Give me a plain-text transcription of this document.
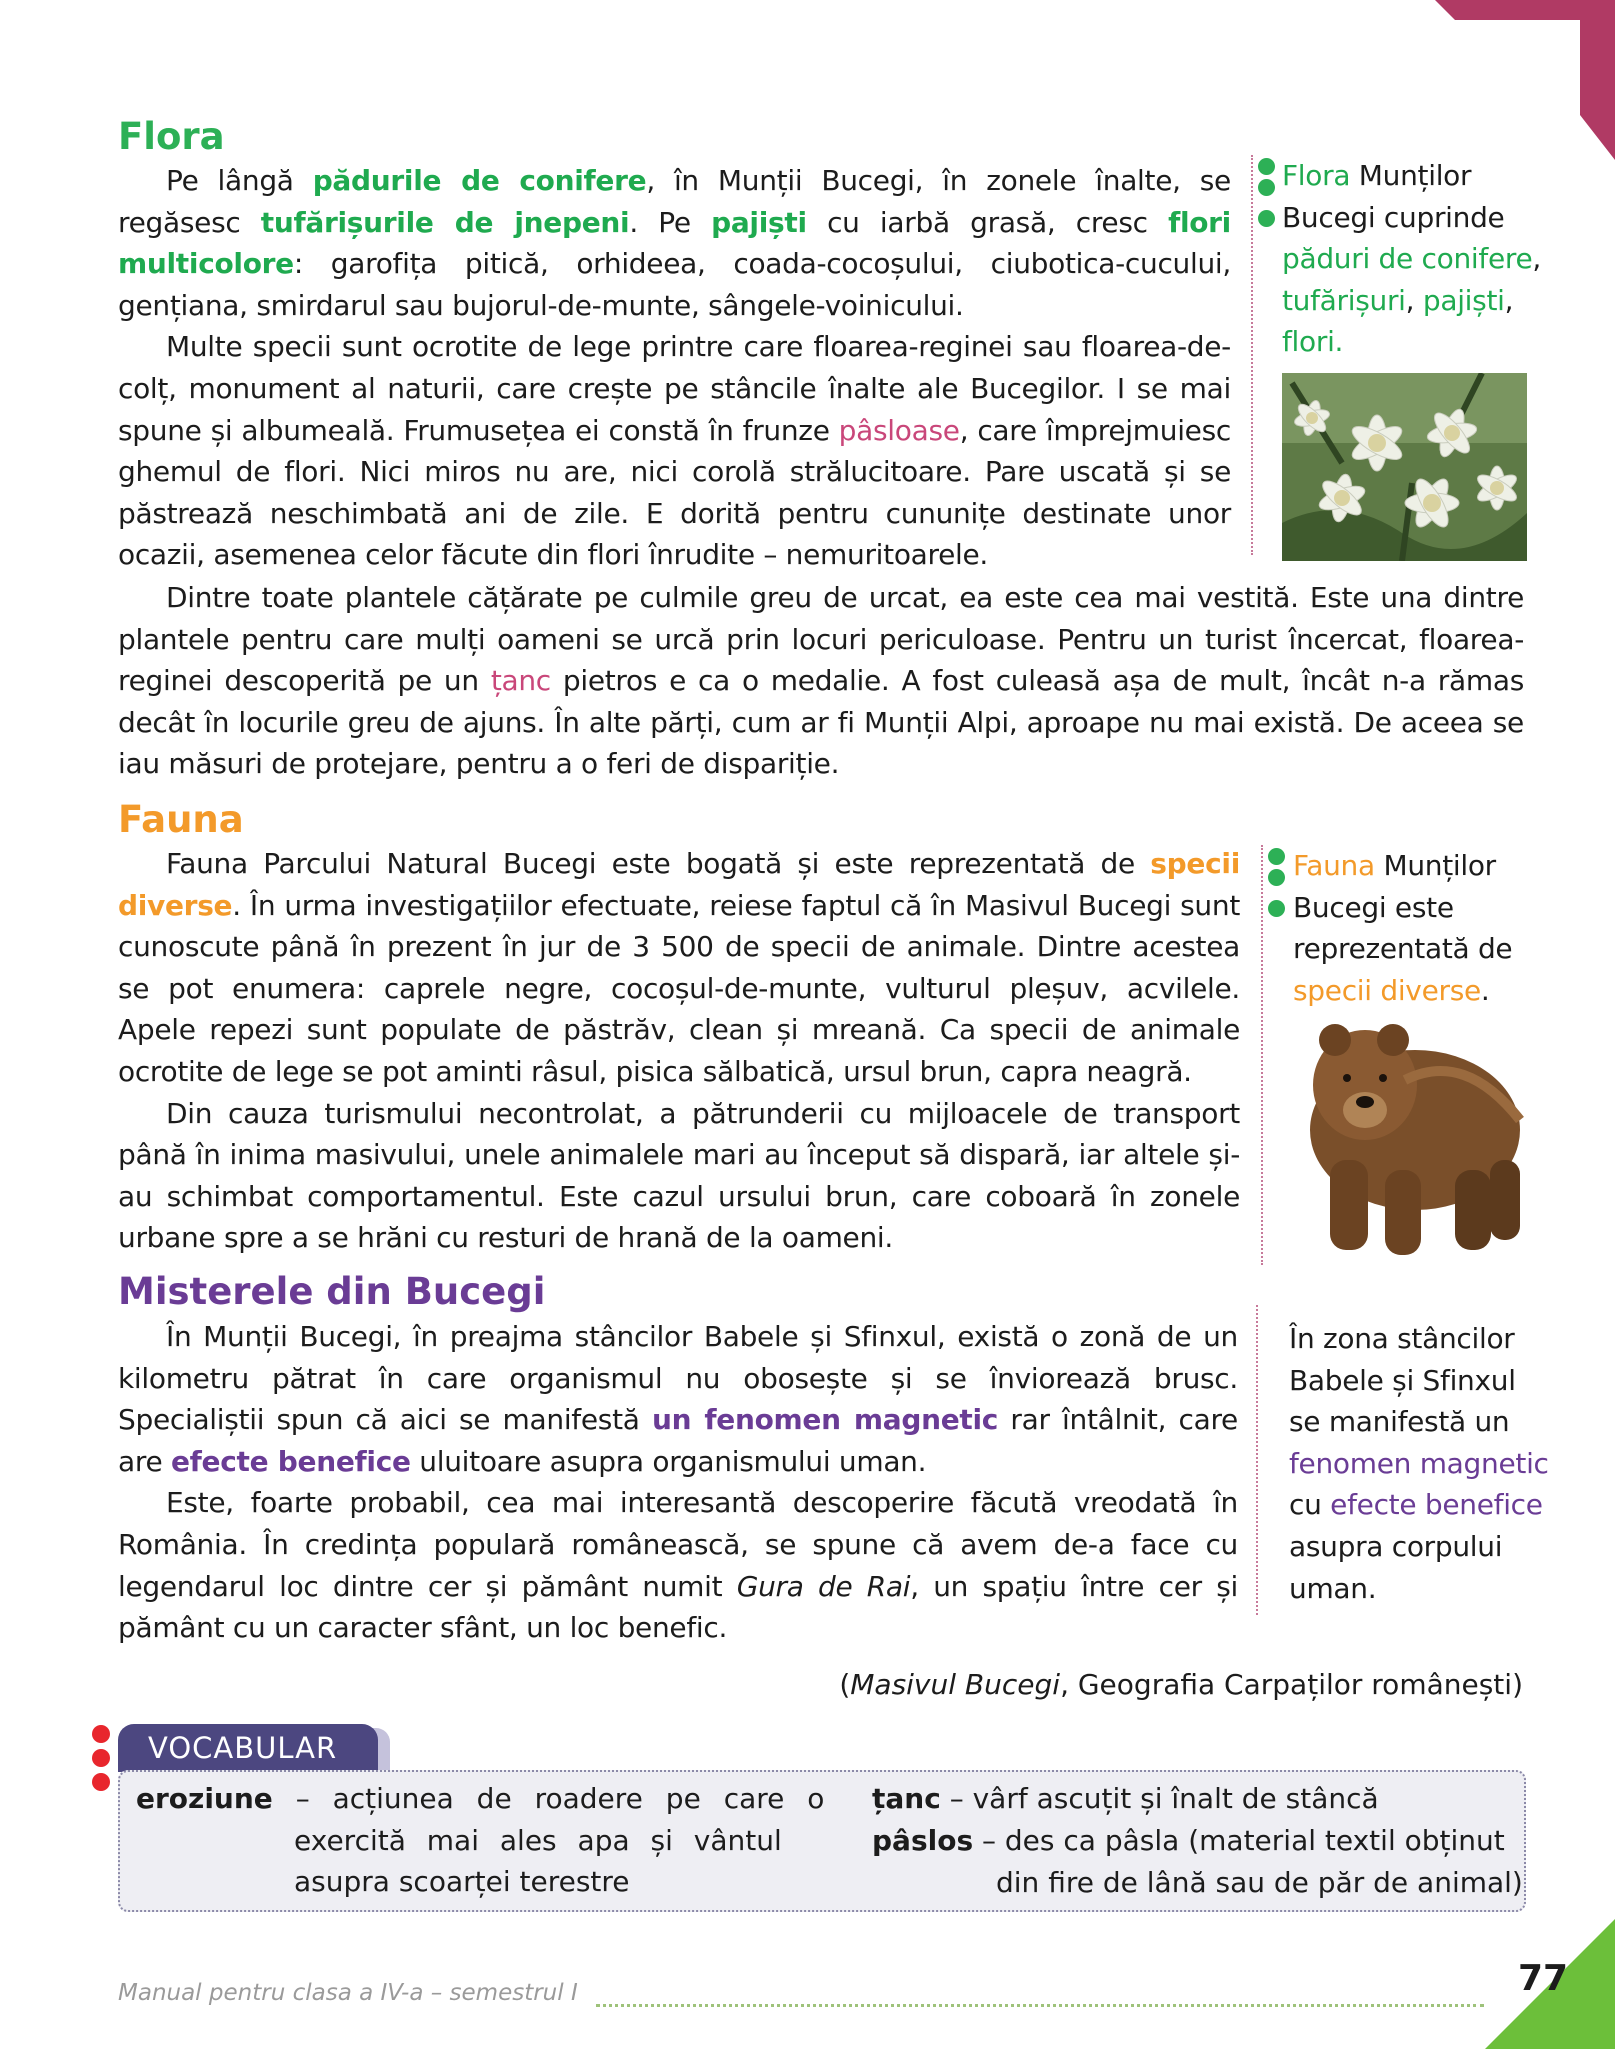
Flora

Pe lângă pădurile de conifere, în Munții Bucegi, în zonele înalte, se regăsesc tufărișurile de jnepeni. Pe pajiști cu iarbă grasă, cresc flori multicolore: garofița pitică, orhideea, coada-cocoșului, ciubotica-cucului, gențiana, smirdarul sau bujorul-de-munte, sângele-voinicului.

Multe specii sunt ocrotite de lege printre care floarea-reginei sau floarea-de-colț, monument al naturii, care crește pe stâncile înalte ale Bucegilor. I se mai spune și albumeală. Frumusețea ei constă în frunze pâsloase, care împrejmuiesc ghemul de flori. Nici miros nu are, nici corolă strălucitoare. Pare uscată și se păstrează neschimbată ani de zile. E dorită pentru cununițe destinate unor ocazii, asemenea celor făcute din flori înrudite – nemuritoarele.

Dintre toate plantele cățărate pe culmile greu de urcat, ea este cea mai vestită. Este una dintre plantele pentru care mulți oameni se urcă prin locuri periculoase. Pentru un turist încercat, floarea-reginei descoperită pe un țanc pietros e ca o medalie. A fost culeasă așa de mult, încât n-a rămas decât în locurile greu de ajuns. În alte părți, cum ar fi Munții Alpi, aproape nu mai există. De aceea se iau măsuri de protejare, pentru a o feri de dispariție.

Flora Munților
Bucegi cuprinde
păduri de conifere,
tufărișuri, pajiști,
flori.
Fauna

Fauna Parcului Natural Bucegi este bogată și este reprezentată de specii diverse. În urma investigațiilor efectuate, reiese faptul că în Masivul Bucegi sunt cunoscute până în prezent în jur de 3 500 de specii de animale. Dintre acestea se pot enumera: caprele negre, cocoșul-de-munte, vulturul pleșuv, acvilele. Apele repezi sunt populate de păstrăv, clean și mreană. Ca specii de animale ocrotite de lege se pot aminti râsul, pisica sălbatică, ursul brun, capra neagră.

Din cauza turismului necontrolat, a pătrunderii cu mijloacele de transport până în inima masivului, unele animalele mari au început să dispară, iar altele și-au schimbat comportamentul. Este cazul ursului brun, care coboară în zonele urbane spre a se hrăni cu resturi de hrană de la oameni.

Fauna Munților
Bucegi este
reprezentată de
specii diverse.
Misterele din Bucegi

În Munții Bucegi, în preajma stâncilor Babele și Sfinxul, există o zonă de un kilometru pătrat în care organismul nu obosește și se înviorează brusc. Specialiștii spun că aici se manifestă un fenomen magnetic rar întâlnit, care are efecte benefice uluitoare asupra organismului uman.

Este, foarte probabil, cea mai interesantă descoperire făcută vreodată în România. În credința populară românească, se spune că avem de-a face cu legendarul loc dintre cer și pământ numit Gura de Rai, un spațiu între cer și pământ cu un caracter sfânt, un loc benefic.

În zona stâncilor
Babele și Sfinxul
se manifestă un
fenomen magnetic
cu efecte benefice
asupra corpului
uman.
(Masivul Bucegi, Geografia Carpaților românești)
VOCABULAR
eroziune – acțiunea de roadere pe care o
exercită mai ales apa și vântul
asupra scoarței terestre
țanc – vârf ascuțit și înalt de stâncă
pâslos – des ca pâsla (material textil obținut
din fire de lână sau de păr de animal)
Manual pentru clasa a IV-a – semestrul I	77
